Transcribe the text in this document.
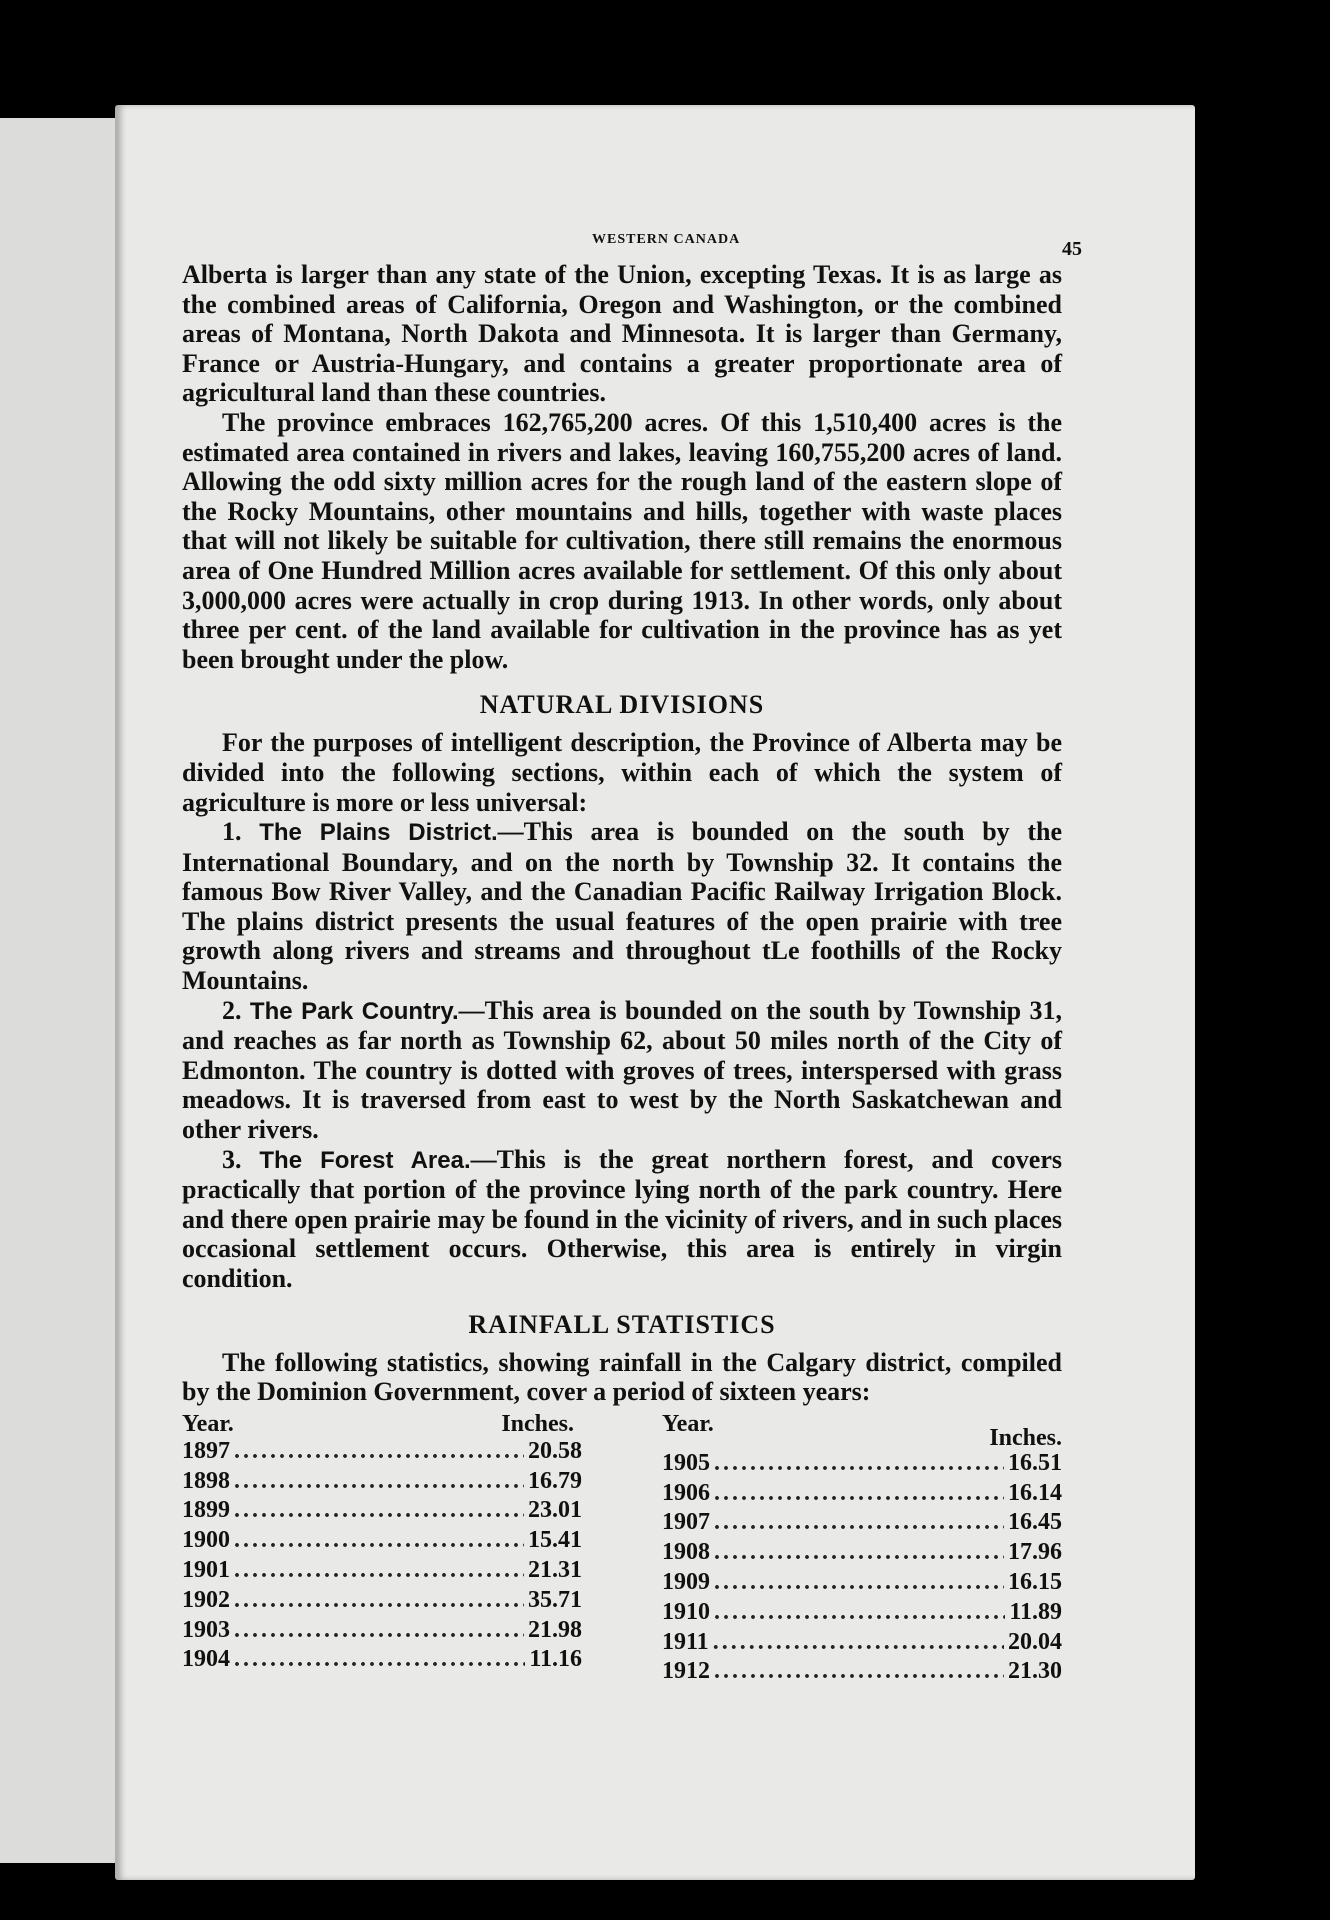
WESTERN CANADA	45

Alberta is larger than any state of the Union, excepting Texas. It is as large as the combined areas of California, Oregon and Washington, or the combined areas of Montana, North Dakota and Minnesota. It is larger than Germany, France or Austria-Hungary, and contains a greater proportionate area of agricultural land than these countries.

The province embraces 162,765,200 acres. Of this 1,510,400 acres is the estimated area contained in rivers and lakes, leaving 160,755,200 acres of land. Allowing the odd sixty million acres for the rough land of the eastern slope of the Rocky Mountains, other mountains and hills, together with waste places that will not likely be suitable for cultivation, there still remains the enormous area of One Hundred Million acres available for settlement. Of this only about 3,000,000 acres were actually in crop during 1913. In other words, only about three per cent. of the land available for cultivation in the province has as yet been brought under the plow.

NATURAL DIVISIONS

For the purposes of intelligent description, the Province of Alberta may be divided into the following sections, within each of which the system of agriculture is more or less universal:

1. The Plains District.—This area is bounded on the south by the International Boundary, and on the north by Township 32. It contains the famous Bow River Valley, and the Canadian Pacific Railway Irrigation Block. The plains district presents the usual features of the open prairie with tree growth along rivers and streams and throughout tLe foothills of the Rocky Mountains.

2. The Park Country.—This area is bounded on the south by Township 31, and reaches as far north as Township 62, about 50 miles north of the City of Edmonton. The country is dotted with groves of trees, interspersed with grass meadows. It is traversed from east to west by the North Saskatchewan and other rivers.

3. The Forest Area.—This is the great northern forest, and covers practically that portion of the province lying north of the park country. Here and there open prairie may be found in the vicinity of rivers, and in such places occasional settlement occurs. Otherwise, this area is entirely in virgin condition.

RAINFALL STATISTICS

The following statistics, showing rainfall in the Calgary district, compiled by the Dominion Government, cover a period of sixteen years:

Year.	Inches.
1897 .....	20.58
1898 .....	16.79
1899 .....	23.01
1900 .....	15.41
1901 .....	21.31
1902 .....	35.71
1903 .....	21.98
1904 .....	11.16
Year.
Inches.
1905 .....	16.51
1906 .....	16.14
1907 .....	16.45
1908 .....	17.96
1909 .....	16.15
1910 .....	11.89
1911 .....	20.04
1912 .....	21.30
